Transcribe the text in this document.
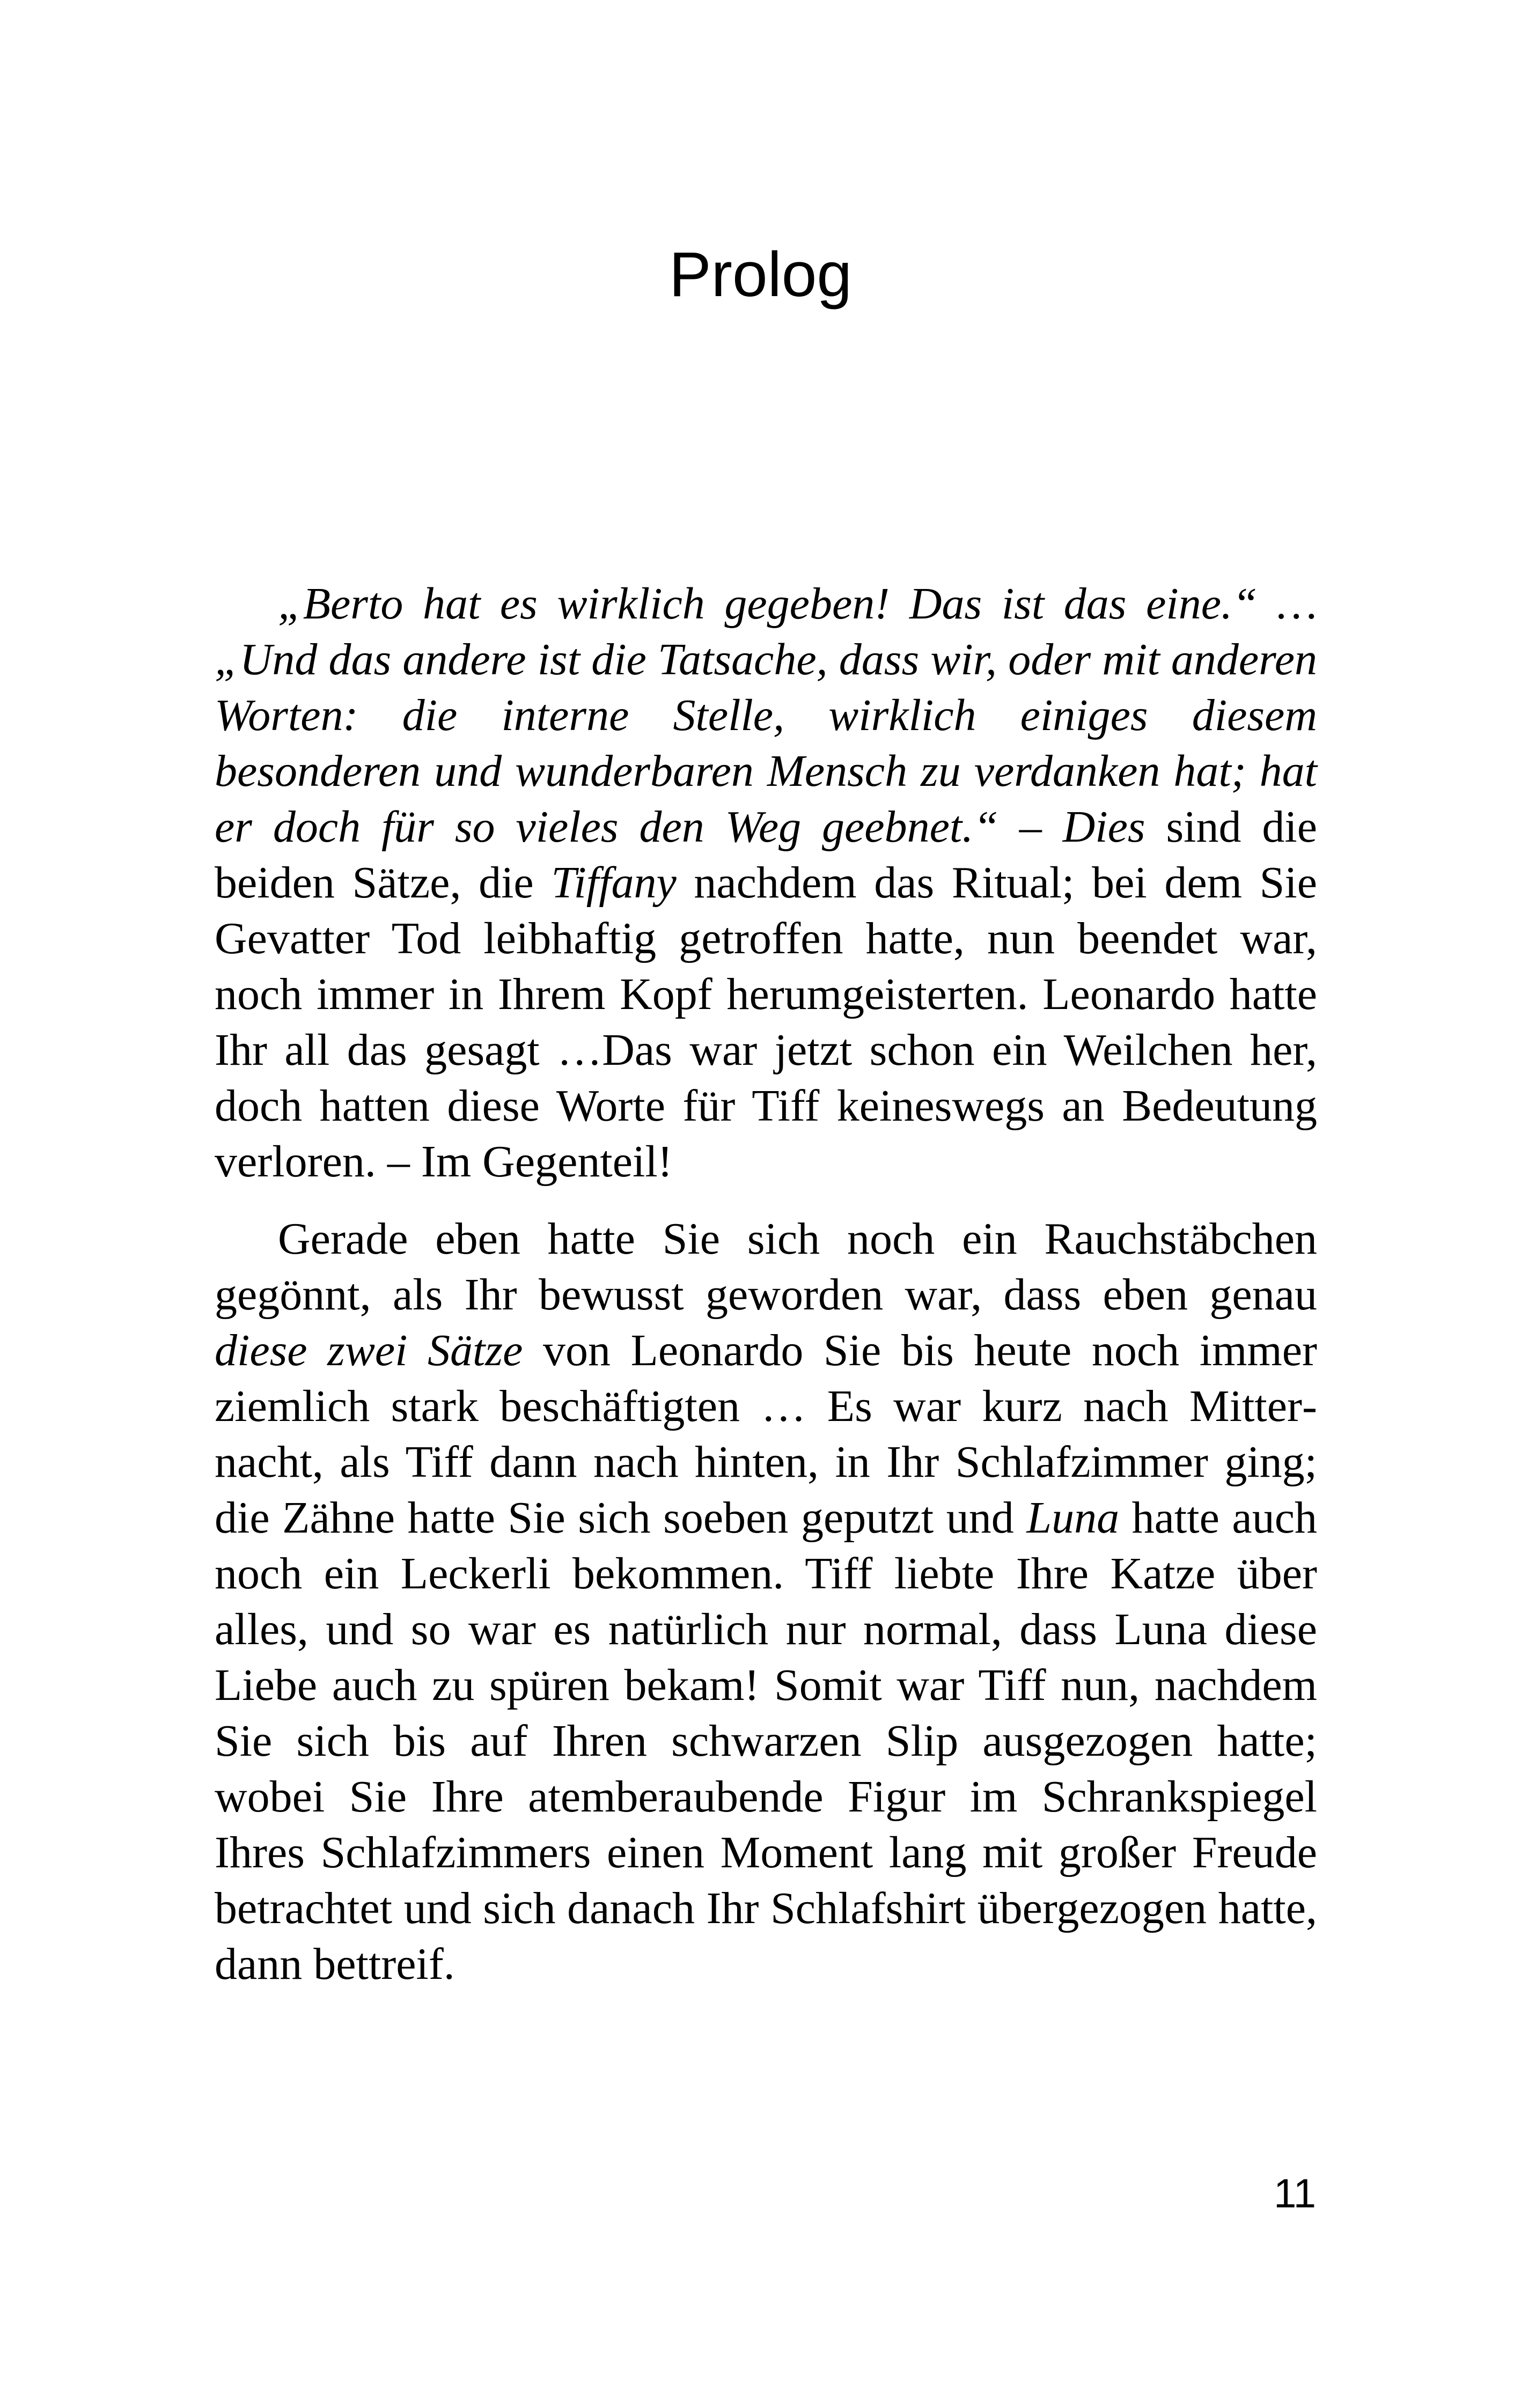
Prolog

„Berto hat es wirklich gegeben! Das ist das eine.“ … „Und das andere ist die Tatsache, dass wir, oder mit anderen Worten: die interne Stelle, wirklich einiges diesem besonderen und wunderbaren Mensch zu verdanken hat; hat er doch für so vieles den Weg geebnet.“ – Dies sind die beiden Sätze, die Tiffany nachdem das Ritual; bei dem Sie Gevatter Tod leibhaftig getroffen hatte, nun beendet war, noch immer in Ihrem Kopf herumgeisterten. Leonardo hatte Ihr all das gesagt …Das war jetzt schon ein Weilchen her, doch hatten diese Worte für Tiff keineswegs an Bedeutung verloren. – Im Gegenteil!

Gerade eben hatte Sie sich noch ein Rauchstäbchen gegönnt, als Ihr bewusst geworden war, dass eben genau diese zwei Sätze von Leonardo Sie bis heute noch immer ziemlich stark beschäftigten … Es war kurz nach Mitternacht, als Tiff dann nach hinten, in Ihr Schlafzimmer ging; die Zähne hatte Sie sich soeben geputzt und Luna hatte auch noch ein Leckerli bekommen. Tiff liebte Ihre Katze über alles, und so war es natürlich nur normal, dass Luna diese Liebe auch zu spüren bekam! Somit war Tiff nun, nachdem Sie sich bis auf Ihren schwarzen Slip ausgezogen hatte; wobei Sie Ihre atemberaubende Figur im Schrankspiegel Ihres Schlafzimmers einen Moment lang mit großer Freude betrachtet und sich danach Ihr Schlafshirt übergezogen hatte, dann bettreif.

11
